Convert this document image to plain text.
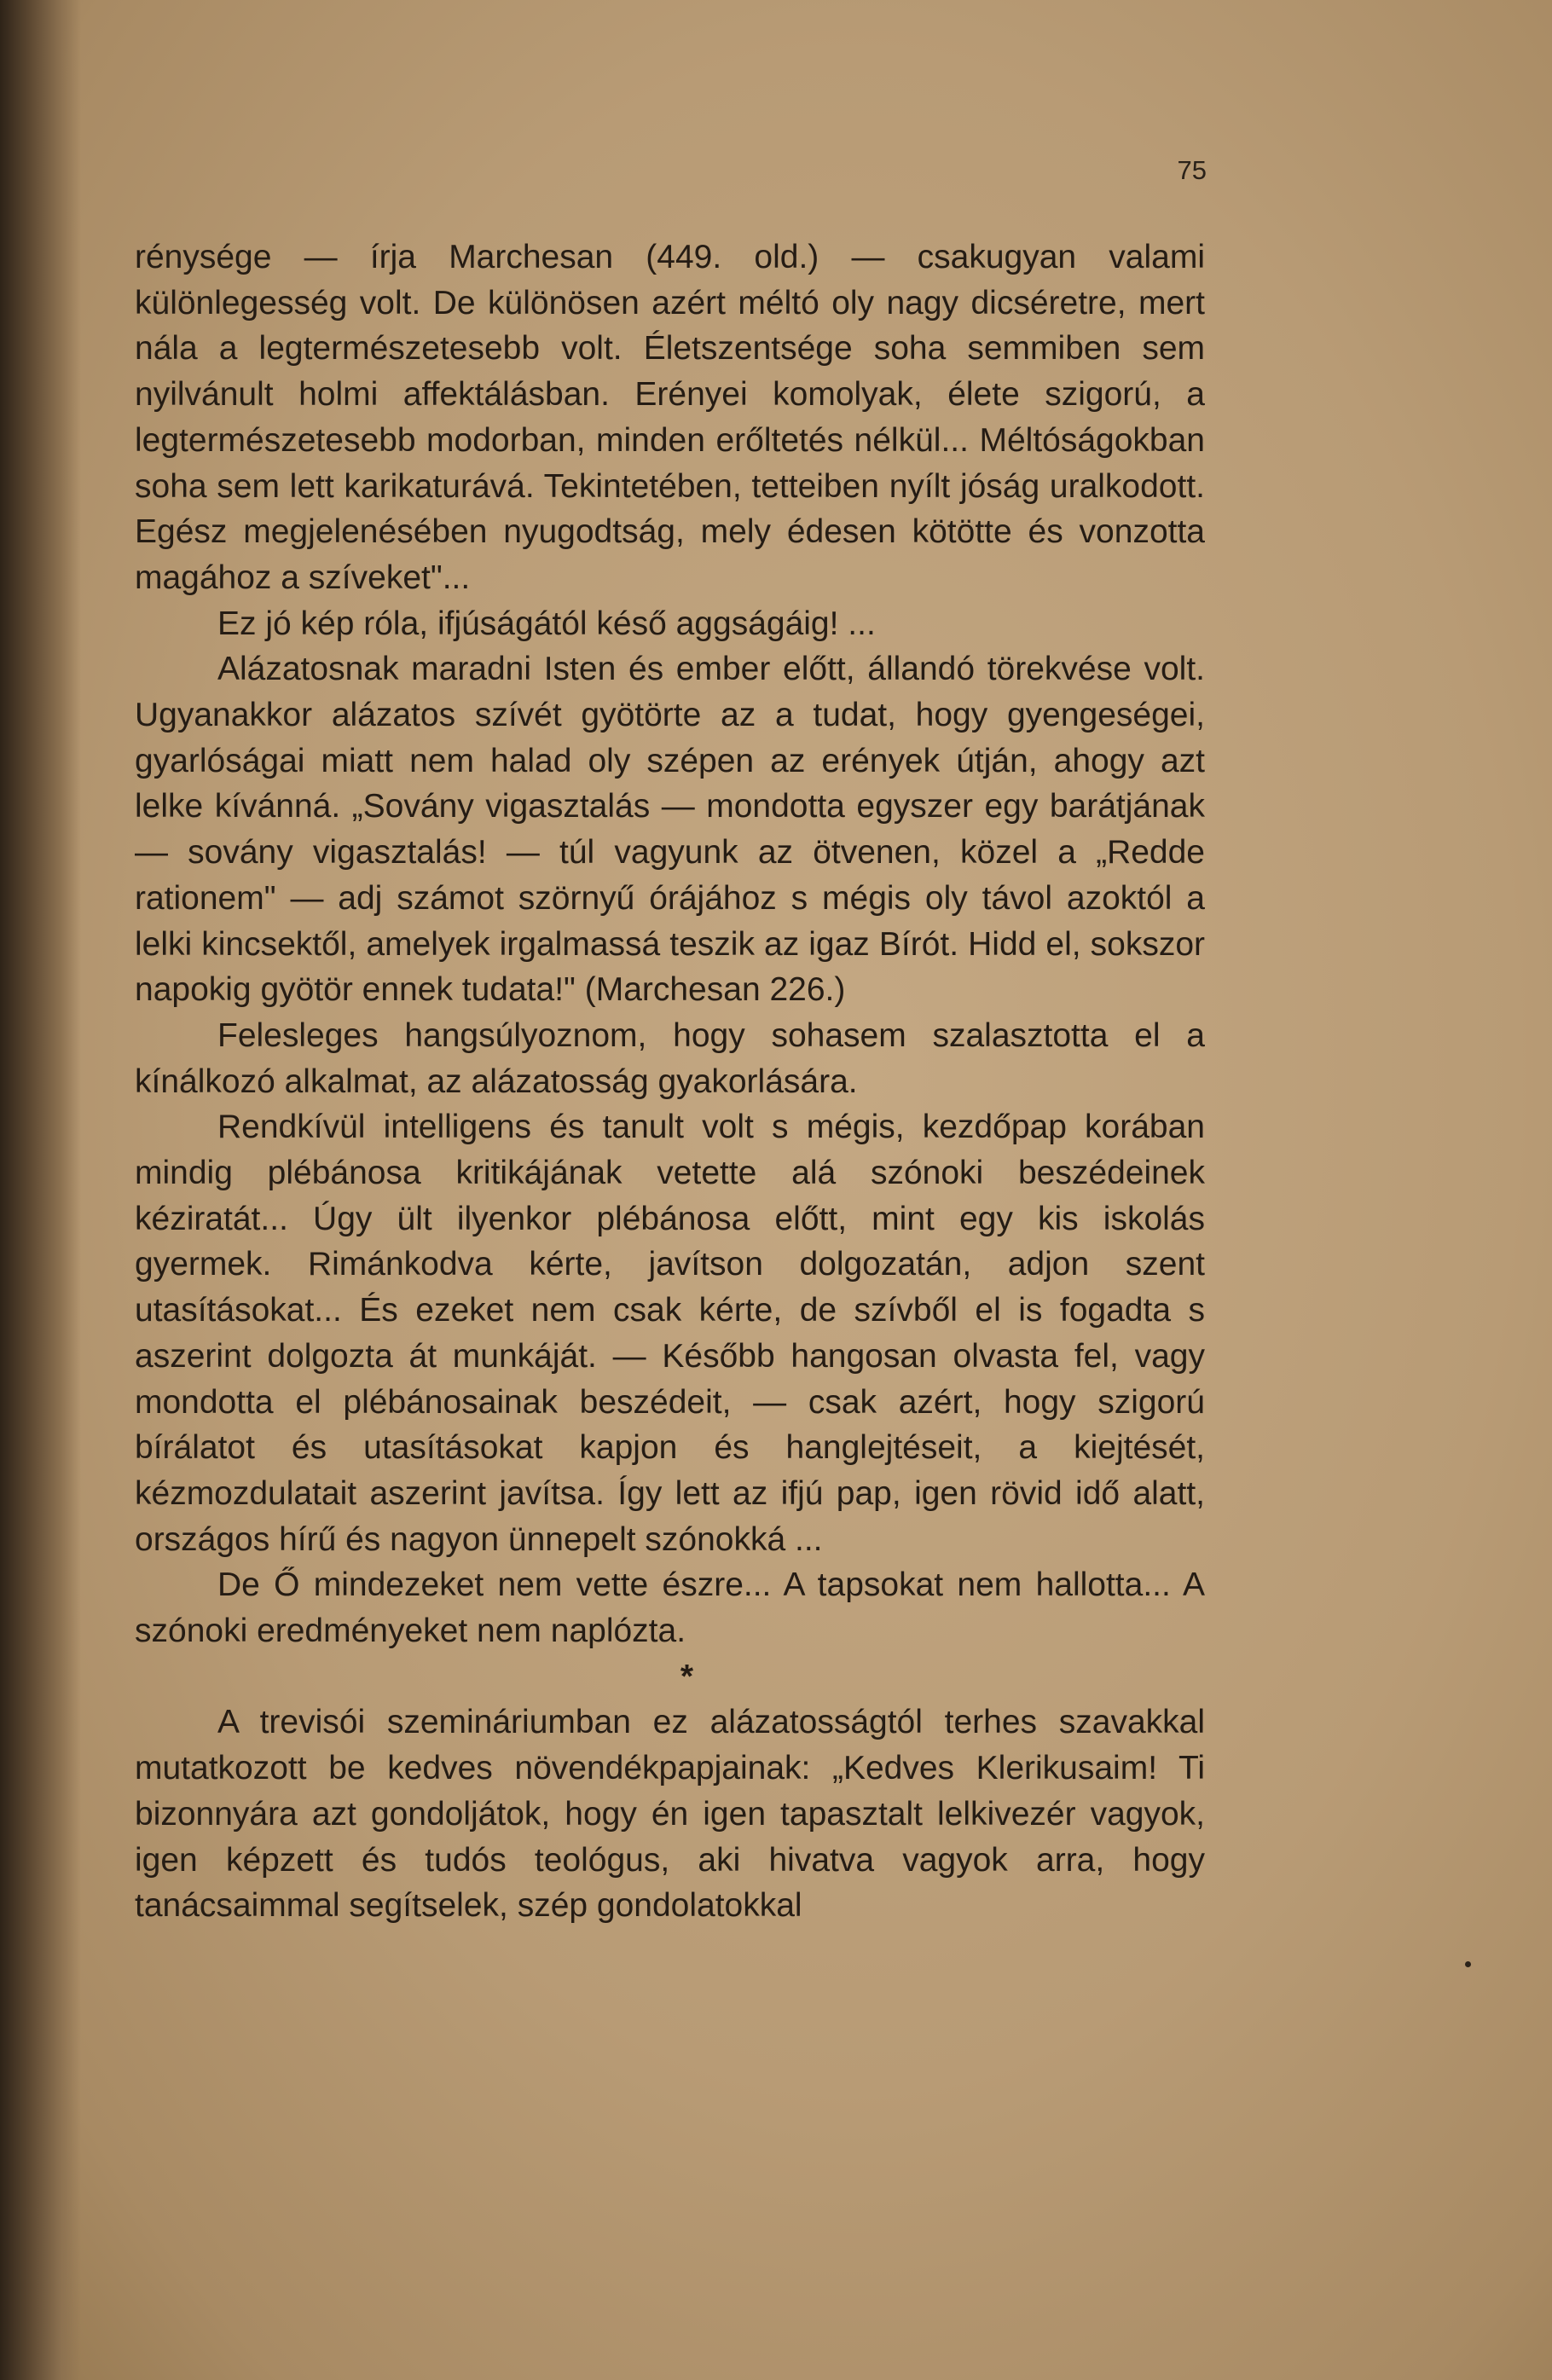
75

rénysége — írja Marchesan (449. old.) — csakugyan valami különlegesség volt. De különösen azért méltó oly nagy dicséretre, mert nála a legtermészetesebb volt. Életszentsége soha semmiben sem nyilvánult holmi affektálásban. Erényei komolyak, élete szigorú, a legtermészetesebb modorban, minden erőltetés nélkül... Méltóságokban soha sem lett karikaturává. Tekintetében, tetteiben nyílt jóság uralkodott. Egész megjelenésében nyugodtság, mely édesen kötötte és vonzotta magához a szíveket"...

Ez jó kép róla, ifjúságától késő aggságáig! ...

Alázatosnak maradni Isten és ember előtt, állandó törekvése volt. Ugyanakkor alázatos szívét gyötörte az a tudat, hogy gyengeségei, gyarlóságai miatt nem halad oly szépen az erények útján, ahogy azt lelke kívánná. „Sovány vigasztalás — mondotta egyszer egy barátjának — sovány vigasztalás! — túl vagyunk az ötvenen, közel a „Redde rationem" — adj számot szörnyű órájához s mégis oly távol azoktól a lelki kincsektől, amelyek irgalmassá teszik az igaz Bírót. Hidd el, sokszor napokig gyötör ennek tudata!" (Marchesan 226.)

Felesleges hangsúlyoznom, hogy sohasem szalasztotta el a kínálkozó alkalmat, az alázatosság gyakorlására.

Rendkívül intelligens és tanult volt s mégis, kezdőpap korában mindig plébánosa kritikájának vetette alá szónoki beszédeinek kéziratát... Úgy ült ilyenkor plébánosa előtt, mint egy kis iskolás gyermek. Rimánkodva kérte, javítson dolgozatán, adjon szent utasításokat... És ezeket nem csak kérte, de szívből el is fogadta s aszerint dolgozta át munkáját. — Később hangosan olvasta fel, vagy mondotta el plébánosainak beszédeit, — csak azért, hogy szigorú bírálatot és utasításokat kapjon és hanglejtéseit, a kiejtését, kézmozdulatait aszerint javítsa. Így lett az ifjú pap, igen rövid idő alatt, országos hírű és nagyon ünnepelt szónokká ...

De Ő mindezeket nem vette észre... A tapsokat nem hallotta... A szónoki eredményeket nem naplózta.

*

A trevisói szemináriumban ez alázatosságtól terhes szavakkal mutatkozott be kedves növendékpapjainak: „Kedves Klerikusaim! Ti bizonnyára azt gondoljátok, hogy én igen tapasztalt lelkivezér vagyok, igen képzett és tudós teológus, aki hivatva vagyok arra, hogy tanácsaimmal segítselek, szép gondolatokkal
